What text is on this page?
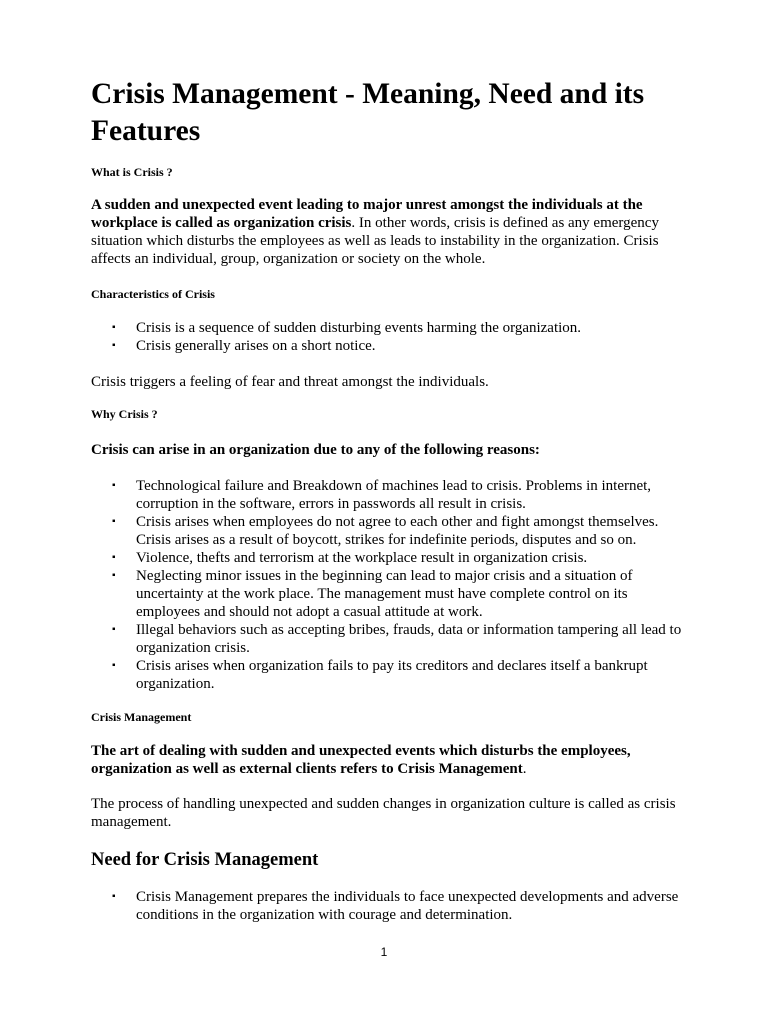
Crisis Management - Meaning, Need and its Features
What is Crisis ?

A sudden and unexpected event leading to major unrest amongst the individuals at the workplace is called as organization crisis. In other words, crisis is defined as any emergency situation which disturbs the employees as well as leads to instability in the organization. Crisis affects an individual, group, organization or society on the whole.

Characteristics of Crisis
▪ Crisis is a sequence of sudden disturbing events harming the organization.
▪ Crisis generally arises on a short notice.

Crisis triggers a feeling of fear and threat amongst the individuals.

Why Crisis ?

Crisis can arise in an organization due to any of the following reasons:

▪ Technological failure and Breakdown of machines lead to crisis. Problems in internet, corruption in the software, errors in passwords all result in crisis.
▪ Crisis arises when employees do not agree to each other and fight amongst themselves. Crisis arises as a result of boycott, strikes for indefinite periods, disputes and so on.
▪ Violence, thefts and terrorism at the workplace result in organization crisis.
▪ Neglecting minor issues in the beginning can lead to major crisis and a situation of uncertainty at the work place. The management must have complete control on its employees and should not adopt a casual attitude at work.
▪ Illegal behaviors such as accepting bribes, frauds, data or information tampering all lead to organization crisis.
▪ Crisis arises when organization fails to pay its creditors and declares itself a bankrupt organization.
Crisis Management

The art of dealing with sudden and unexpected events which disturbs the employees, organization as well as external clients refers to Crisis Management.

The process of handling unexpected and sudden changes in organization culture is called as crisis management.

Need for Crisis Management
▪ Crisis Management prepares the individuals to face unexpected developments and adverse conditions in the organization with courage and determination.
1
